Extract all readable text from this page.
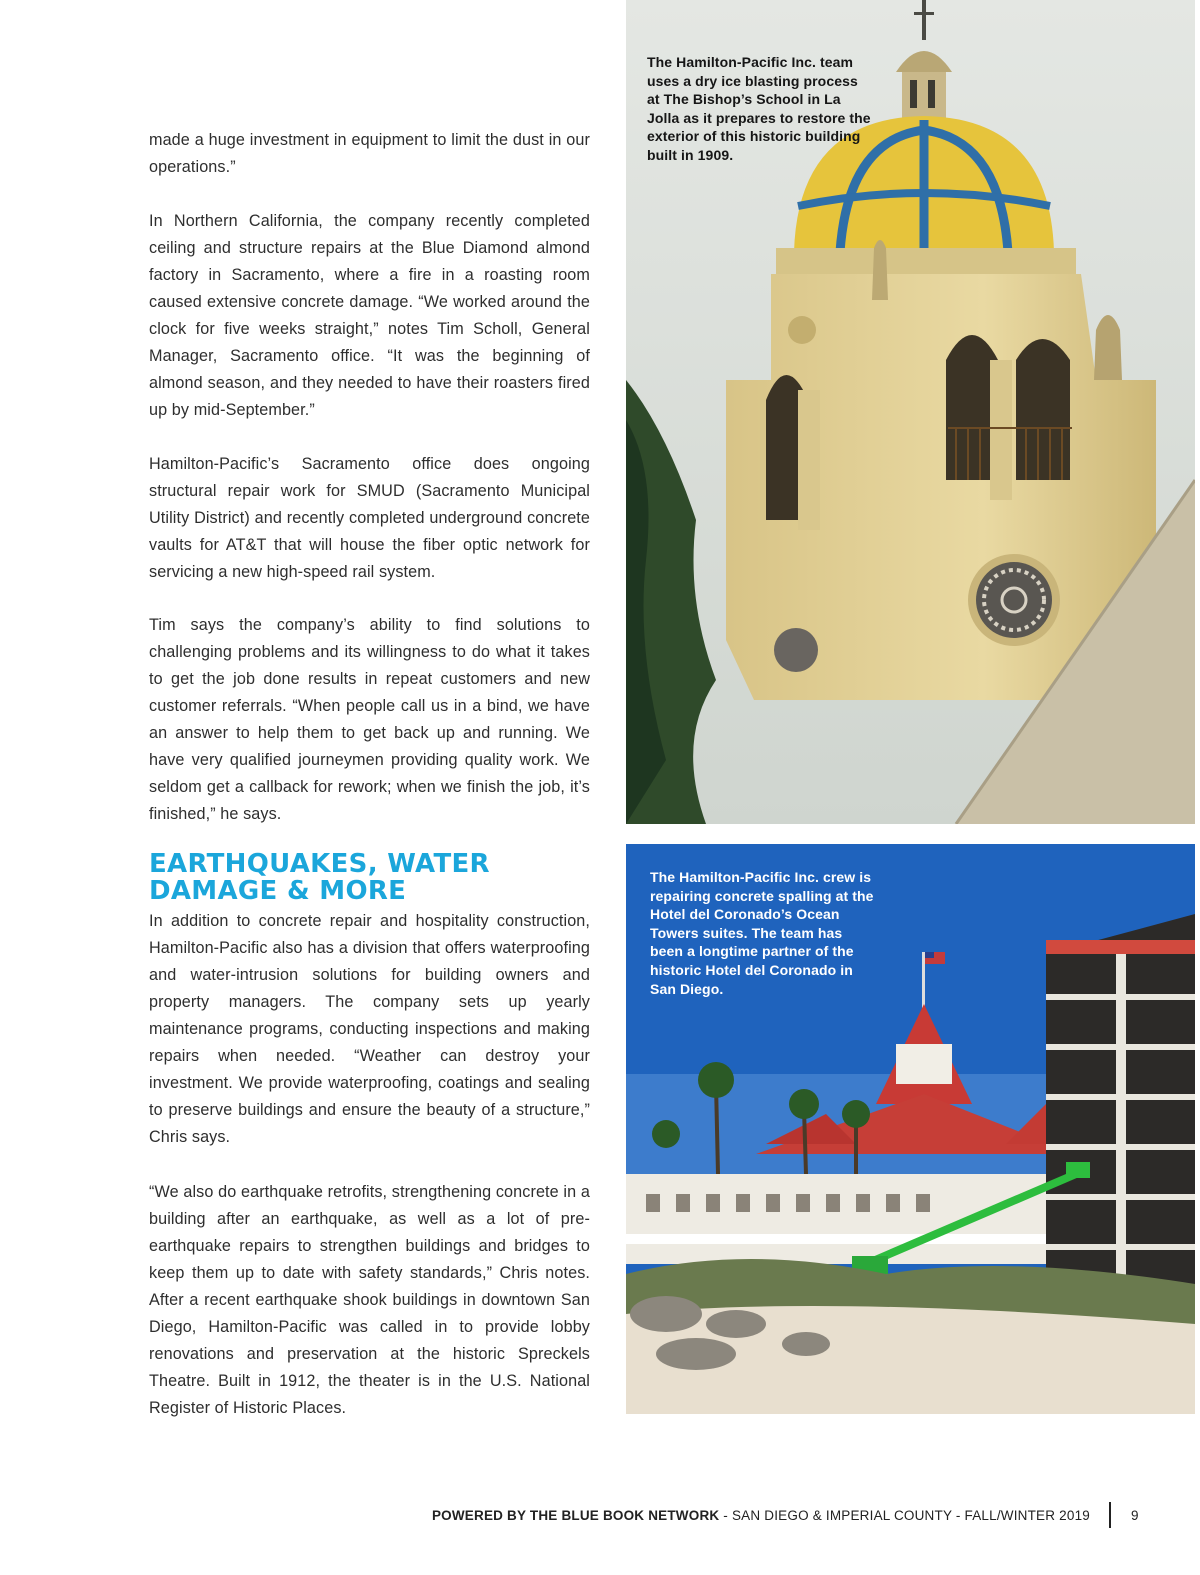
made a huge investment in equipment to limit the dust in our operations.”

In Northern California, the company recently completed ceiling and structure repairs at the Blue Diamond almond factory in Sacramento, where a fire in a roasting room caused extensive concrete damage. “We worked around the clock for five weeks straight,” notes Tim Scholl, General Manager, Sacramento office. “It was the beginning of almond season, and they needed to have their roasters fired up by mid-September.”

Hamilton-Pacific’s Sacramento office does ongoing structural repair work for SMUD (Sacramento Municipal Utility District) and recently completed underground concrete vaults for AT&T that will house the fiber optic network for servicing a new high-speed rail system.

Tim says the company’s ability to find solutions to challenging problems and its willingness to do what it takes to get the job done results in repeat customers and new customer referrals. “When people call us in a bind, we have an answer to help them to get back up and running. We have very qualified journeymen providing quality work. We seldom get a callback for rework; when we finish the job, it’s finished,” he says.

EARTHQUAKES, WATER DAMAGE & MORE

In addition to concrete repair and hospitality construction, Hamilton-Pacific also has a division that offers waterproofing and water-intrusion solutions for building owners and property managers. The company sets up yearly maintenance programs, conducting inspections and making repairs when needed. “Weather can destroy your investment. We provide waterproofing, coatings and sealing to preserve buildings and ensure the beauty of a structure,” Chris says.

“We also do earthquake retrofits, strengthening concrete in a building after an earthquake, as well as a lot of pre-earthquake repairs to strengthen buildings and bridges to keep them up to date with safety standards,” Chris notes. After a recent earthquake shook buildings in downtown San Diego, Hamilton-Pacific was called in to provide lobby renovations and preservation at the historic Spreckels Theatre. Built in 1912, the theater is in the U.S. National Register of Historic Places.

The Hamilton-Pacific Inc. team uses a dry ice blasting process at The Bishop’s School in La Jolla as it prepares to restore the exterior of this historic building built in 1909.

The Hamilton-Pacific Inc. crew is repairing concrete spalling at the Hotel del Coronado’s Ocean Towers suites. The team has been a longtime partner of the historic Hotel del Coronado in San Diego.

POWERED BY THE BLUE BOOK NETWORK - SAN DIEGO & IMPERIAL COUNTY - FALL/WINTER 2019	9
